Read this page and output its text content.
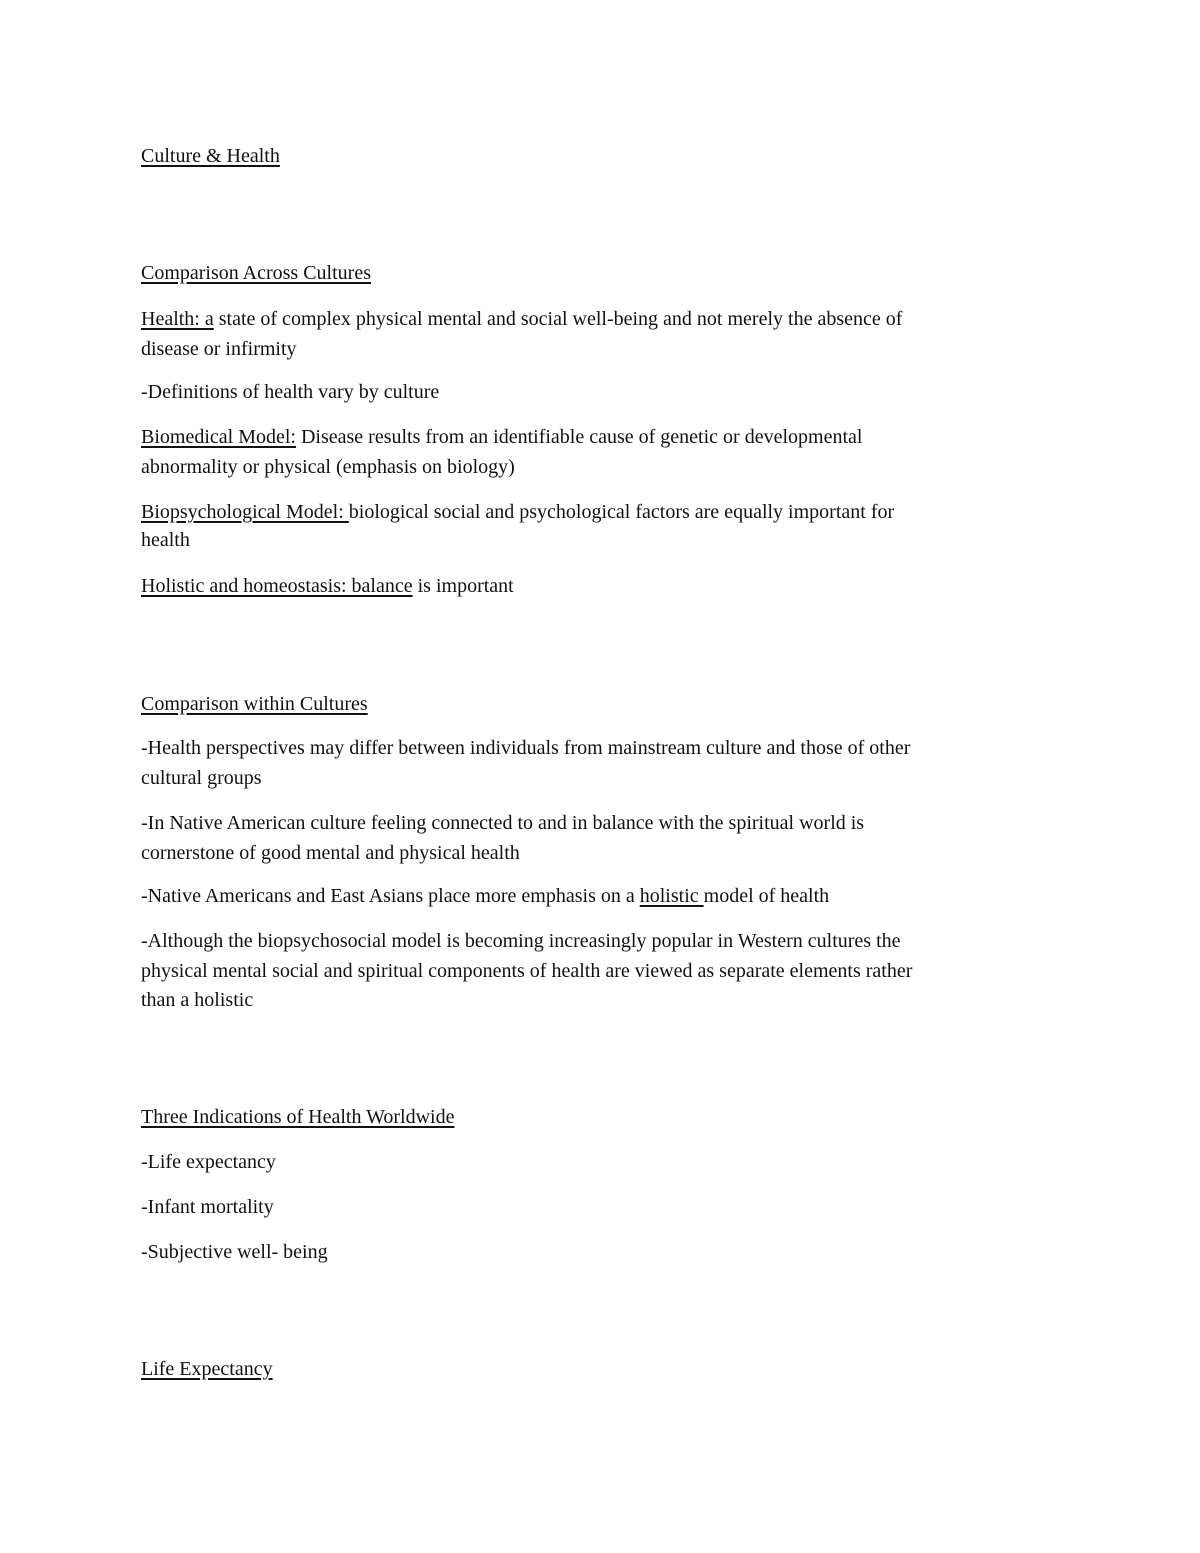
Culture & Health
Comparison Across Cultures
Health: a state of complex physical mental and social well-being and not merely the absence of
disease or infirmity
-Definitions of health vary by culture
Biomedical Model: Disease results from an identifiable cause of genetic or developmental
abnormality or physical (emphasis on biology)
Biopsychological Model: biological social and psychological factors are equally important for
health
Holistic and homeostasis: balance is important
Comparison within Cultures
-Health perspectives may differ between individuals from mainstream culture and those of other
cultural groups
-In Native American culture feeling connected to and in balance with the spiritual world is
cornerstone of good mental and physical health
-Native Americans and East Asians place more emphasis on a holistic model of health
-Although the biopsychosocial model is becoming increasingly popular in Western cultures the
physical mental social and spiritual components of health are viewed as separate elements rather
than a holistic
Three Indications of Health Worldwide
-Life expectancy
-Infant mortality
-Subjective well- being
Life Expectancy
